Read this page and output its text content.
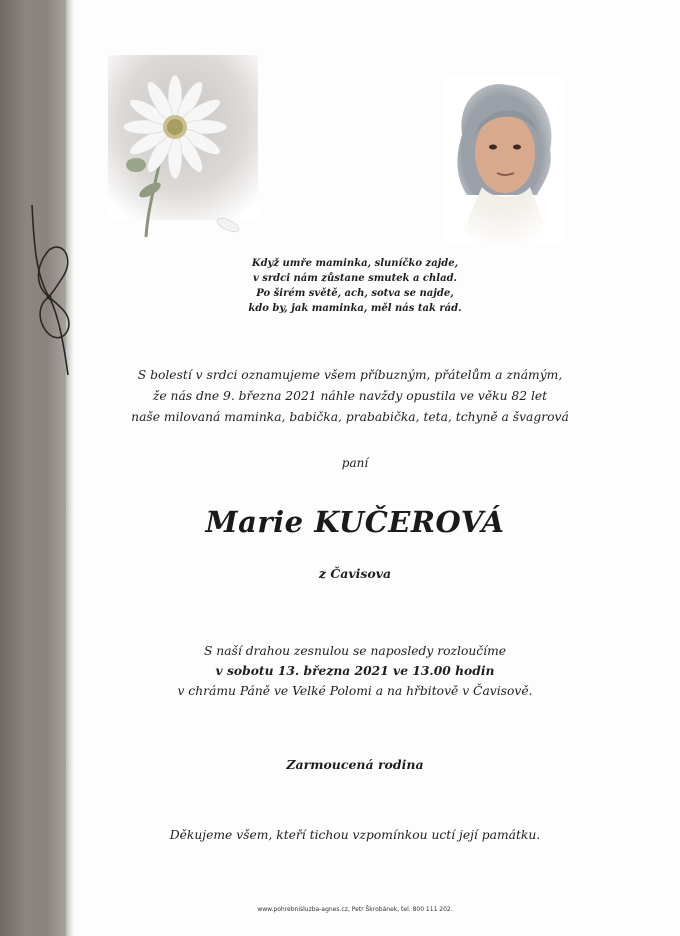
Když umře maminka, sluníčko zajde,
v srdci nám zůstane smutek a chlad.
Po širém světě, ach, sotva se najde,
kdo by, jak maminka, měl nás tak rád.
S bolestí v srdci oznamujeme všem příbuzným, přátelům a známým,
že nás dne 9. března 2021 náhle navždy opustila ve věku 82 let
naše milovaná maminka, babička, prababička, teta, tchyně a švagrová
paní
Marie KUČEROVÁ
z Čavisova
S naší drahou zesnulou se naposledy rozloučíme
v sobotu 13. března 2021 ve 13.00 hodin
v chrámu Páně ve Velké Polomi a na hřbitově v Čavisově.
Zarmoucená rodina
Děkujeme všem, kteří tichou vzpomínkou uctí její památku.
www.pohrebnisluzba-agnes.cz, Petr Škrobánek, tel. 800 111 202.
